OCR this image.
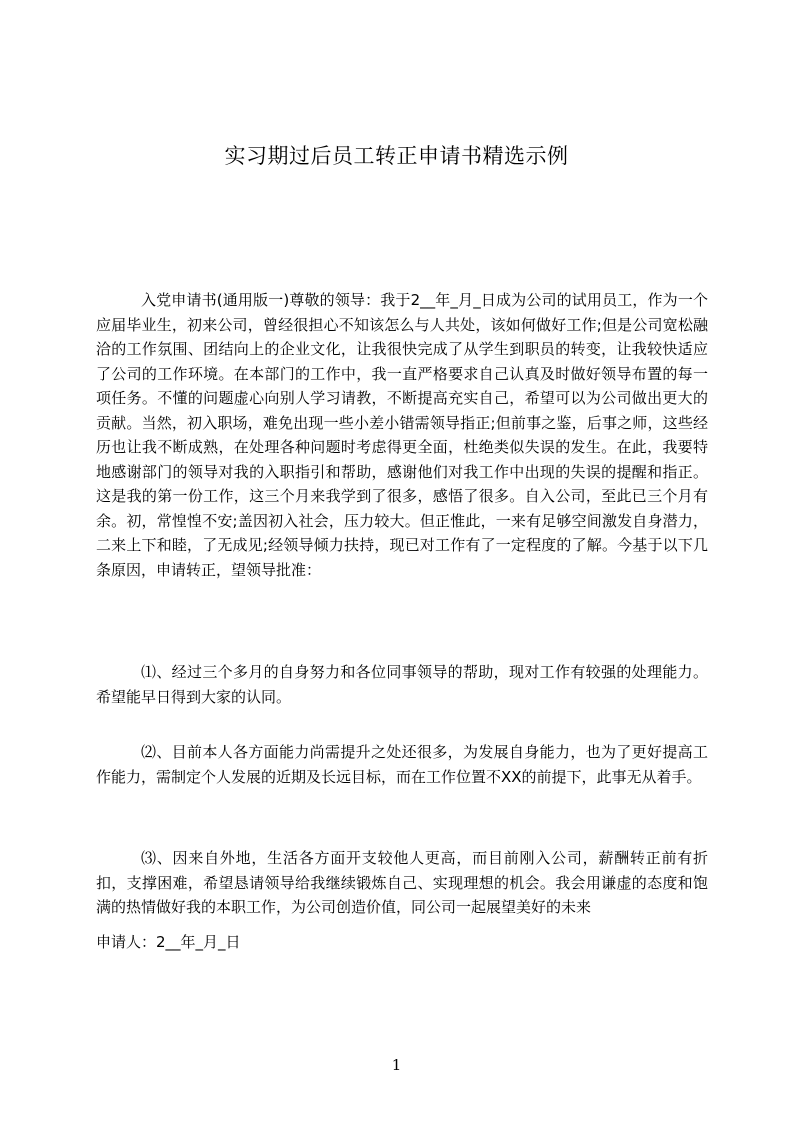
实习期过后员工转正申请书精选示例
入党申请书(通用版一)尊敬的领导：我于2__年_月_日成为公司的试用员工，作为一个应届毕业生，初来公司，曾经很担心不知该怎么与人共处，该如何做好工作;但是公司宽松融洽的工作氛围、团结向上的企业文化，让我很快完成了从学生到职员的转变，让我较快适应了公司的工作环境。在本部门的工作中，我一直严格要求自己认真及时做好领导布置的每一项任务。不懂的问题虚心向别人学习请教，不断提高充实自己，希望可以为公司做出更大的贡献。当然，初入职场，难免出现一些小差小错需领导指正;但前事之鉴，后事之师，这些经历也让我不断成熟，在处理各种问题时考虑得更全面，杜绝类似失误的发生。在此，我要特地感谢部门的领导对我的入职指引和帮助，感谢他们对我工作中出现的失误的提醒和指正。这是我的第一份工作，这三个月来我学到了很多，感悟了很多。自入公司，至此已三个月有余。初，常惶惶不安;盖因初入社会，压力较大。但正惟此，一来有足够空间激发自身潜力，二来上下和睦，了无成见;经领导倾力扶持，现已对工作有了一定程度的了解。今基于以下几条原因，申请转正，望领导批准：
⑴、经过三个多月的自身努力和各位同事领导的帮助，现对工作有较强的处理能力。希望能早日得到大家的认同。
⑵、目前本人各方面能力尚需提升之处还很多，为发展自身能力，也为了更好提高工作能力，需制定个人发展的近期及长远目标，而在工作位置不XX的前提下，此事无从着手。
⑶、因来自外地，生活各方面开支较他人更高，而目前刚入公司，薪酬转正前有折扣，支撑困难，希望恳请领导给我继续锻炼自己、实现理想的机会。我会用谦虚的态度和饱满的热情做好我的本职工作，为公司创造价值，同公司一起展望美好的未来
申请人：2__年_月_日
1
